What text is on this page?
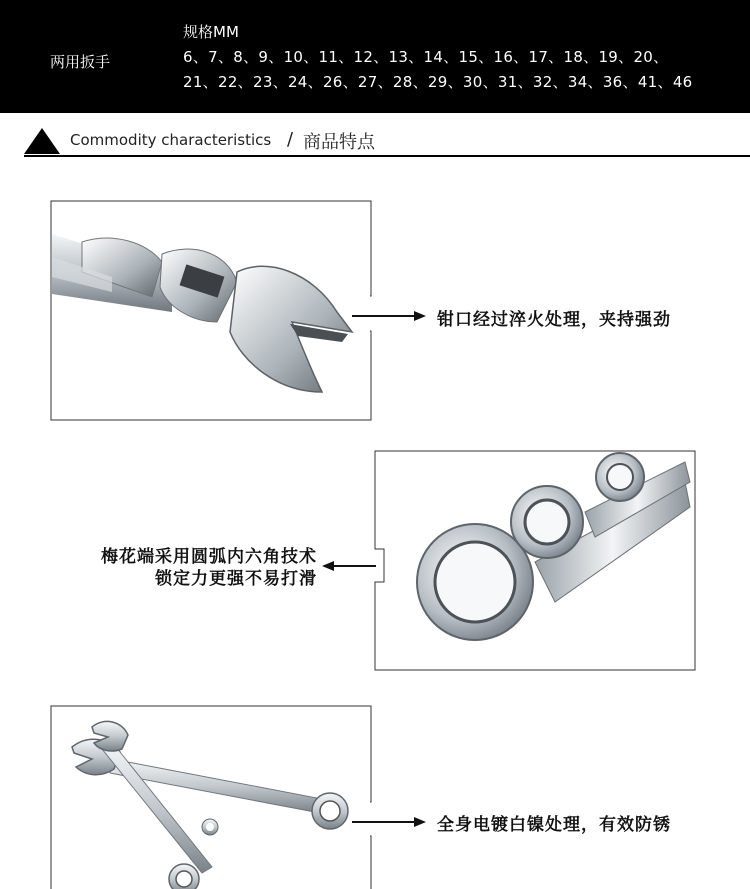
两用扳手
规格MM
6、7、8、9、10、11、12、13、14、15、16、17、18、19、20、
21、22、23、24、26、27、28、29、30、31、32、34、36、41、46
Commodity characteristics / 商品特点
钳口经过淬火处理，夹持强劲
梅花端采用圆弧内六角技术
锁定力更强不易打滑
全身电镀白镍处理，有效防锈
